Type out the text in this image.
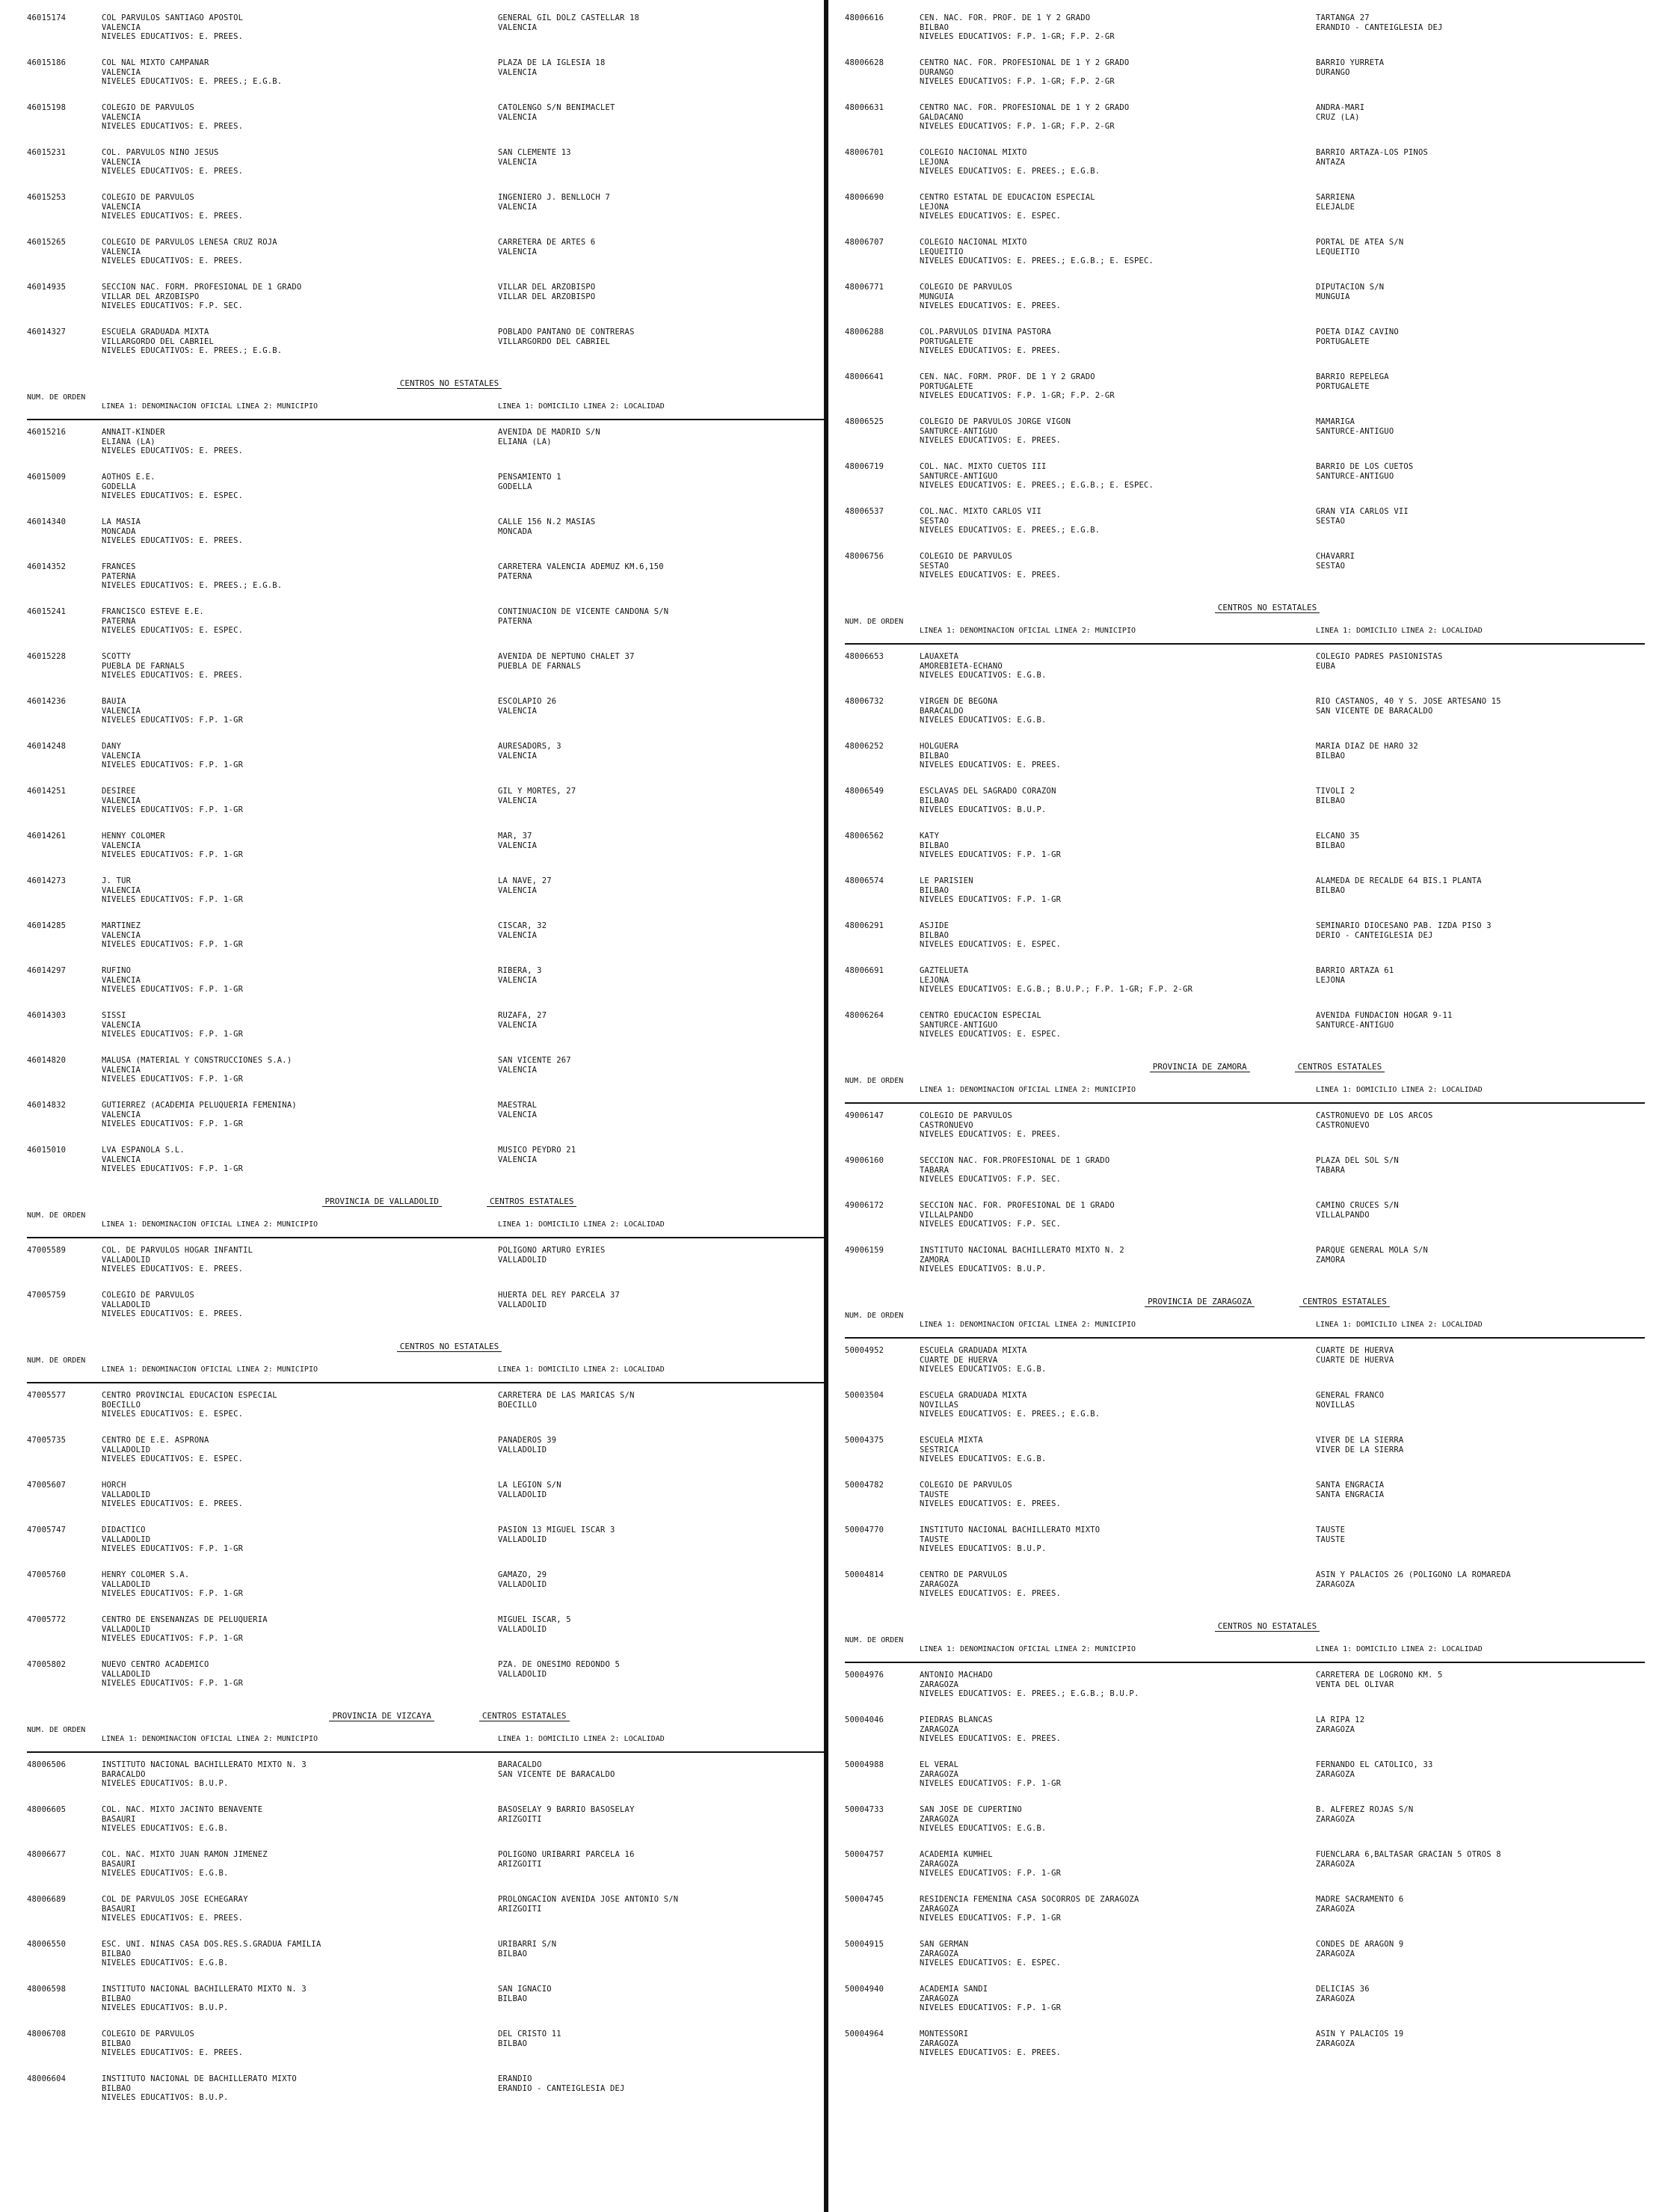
46015174	COL PARVULOS SANTIAGO APOSTOL
VALENCIA
NIVELES EDUCATIVOS: E. PREES.
GENERAL GIL DOLZ CASTELLAR 18
VALENCIA
46015186	COL NAL MIXTO CAMPANAR
VALENCIA
NIVELES EDUCATIVOS: E. PREES.; E.G.B.
PLAZA DE LA IGLESIA 18
VALENCIA
46015198	COLEGIO DE PARVULOS
VALENCIA
NIVELES EDUCATIVOS: E. PREES.
CATOLENGO S/N BENIMACLET
VALENCIA
46015231	COL. PARVULOS NINO JESUS
VALENCIA
NIVELES EDUCATIVOS: E. PREES.
SAN CLEMENTE 13
VALENCIA
46015253	COLEGIO DE PARVULOS
VALENCIA
NIVELES EDUCATIVOS: E. PREES.
INGENIERO J. BENLLOCH 7
VALENCIA
46015265	COLEGIO DE PARVULOS LENESA CRUZ ROJA
VALENCIA
NIVELES EDUCATIVOS: E. PREES.
CARRETERA DE ARTES 6
VALENCIA
46014935	SECCION NAC. FORM. PROFESIONAL DE 1 GRADO
VILLAR DEL ARZOBISPO
NIVELES EDUCATIVOS: F.P. SEC.
VILLAR DEL ARZOBISPO
VILLAR DEL ARZOBISPO
46014327	ESCUELA GRADUADA MIXTA
VILLARGORDO DEL CABRIEL
NIVELES EDUCATIVOS: E. PREES.; E.G.B.
POBLADO PANTANO DE CONTRERAS
VILLARGORDO DEL CABRIEL
CENTROS NO ESTATALES
NUM. DE ORDEN
LINEA 1: DENOMINACION OFICIAL LINEA 2: MUNICIPIO	LINEA 1: DOMICILIO LINEA 2: LOCALIDAD
46015216	ANNAIT-KINDER
ELIANA (LA)
NIVELES EDUCATIVOS: E. PREES.
AVENIDA DE MADRID S/N
ELIANA (LA)
46015009	AOTHOS E.E.
GODELLA
NIVELES EDUCATIVOS: E. ESPEC.
PENSAMIENTO 1
GODELLA
46014340	LA MASIA
MONCADA
NIVELES EDUCATIVOS: E. PREES.
CALLE 156 N.2 MASIAS
MONCADA
46014352	FRANCES
PATERNA
NIVELES EDUCATIVOS: E. PREES.; E.G.B.
CARRETERA VALENCIA ADEMUZ KM.6,150
PATERNA
46015241	FRANCISCO ESTEVE E.E.
PATERNA
NIVELES EDUCATIVOS: E. ESPEC.
CONTINUACION DE VICENTE CANDONA S/N
PATERNA
46015228	SCOTTY
PUEBLA DE FARNALS
NIVELES EDUCATIVOS: E. PREES.
AVENIDA DE NEPTUNO CHALET 37
PUEBLA DE FARNALS
46014236	BAUIA
VALENCIA
NIVELES EDUCATIVOS: F.P. 1-GR
ESCOLAPIO 26
VALENCIA
46014248	DANY
VALENCIA
NIVELES EDUCATIVOS: F.P. 1-GR
AURESADORS, 3
VALENCIA
46014251	DESIREE
VALENCIA
NIVELES EDUCATIVOS: F.P. 1-GR
GIL Y MORTES, 27
VALENCIA
46014261	HENNY COLOMER
VALENCIA
NIVELES EDUCATIVOS: F.P. 1-GR
MAR, 37
VALENCIA
46014273	J. TUR
VALENCIA
NIVELES EDUCATIVOS: F.P. 1-GR
LA NAVE, 27
VALENCIA
46014285	MARTINEZ
VALENCIA
NIVELES EDUCATIVOS: F.P. 1-GR
CISCAR, 32
VALENCIA
46014297	RUFINO
VALENCIA
NIVELES EDUCATIVOS: F.P. 1-GR
RIBERA, 3
VALENCIA
46014303	SISSI
VALENCIA
NIVELES EDUCATIVOS: F.P. 1-GR
RUZAFA, 27
VALENCIA
46014820	MALUSA (MATERIAL Y CONSTRUCCIONES S.A.)
VALENCIA
NIVELES EDUCATIVOS: F.P. 1-GR
SAN VICENTE 267
VALENCIA
46014832	GUTIERREZ (ACADEMIA PELUQUERIA FEMENINA)
VALENCIA
NIVELES EDUCATIVOS: F.P. 1-GR
MAESTRAL
VALENCIA
46015010	LVA ESPANOLA S.L.
VALENCIA
NIVELES EDUCATIVOS: F.P. 1-GR
MUSICO PEYDRO 21
VALENCIA
PROVINCIA DE VALLADOLID	CENTROS ESTATALES
NUM. DE ORDEN
LINEA 1: DENOMINACION OFICIAL LINEA 2: MUNICIPIO	LINEA 1: DOMICILIO LINEA 2: LOCALIDAD
47005589	COL. DE PARVULOS HOGAR INFANTIL
VALLADOLID
NIVELES EDUCATIVOS: E. PREES.
POLIGONO ARTURO EYRIES
VALLADOLID
47005759	COLEGIO DE PARVULOS
VALLADOLID
NIVELES EDUCATIVOS: E. PREES.
HUERTA DEL REY PARCELA 37
VALLADOLID
CENTROS NO ESTATALES
NUM. DE ORDEN
LINEA 1: DENOMINACION OFICIAL LINEA 2: MUNICIPIO	LINEA 1: DOMICILIO LINEA 2: LOCALIDAD
47005577	CENTRO PROVINCIAL EDUCACION ESPECIAL
BOECILLO
NIVELES EDUCATIVOS: E. ESPEC.
CARRETERA DE LAS MARICAS S/N
BOECILLO
47005735	CENTRO DE E.E. ASPRONA
VALLADOLID
NIVELES EDUCATIVOS: E. ESPEC.
PANADEROS 39
VALLADOLID
47005607	HORCH
VALLADOLID
NIVELES EDUCATIVOS: E. PREES.
LA LEGION S/N
VALLADOLID
47005747	DIDACTICO
VALLADOLID
NIVELES EDUCATIVOS: F.P. 1-GR
PASION 13 MIGUEL ISCAR 3
VALLADOLID
47005760	HENRY COLOMER S.A.
VALLADOLID
NIVELES EDUCATIVOS: F.P. 1-GR
GAMAZO, 29
VALLADOLID
47005772	CENTRO DE ENSENANZAS DE PELUQUERIA
VALLADOLID
NIVELES EDUCATIVOS: F.P. 1-GR
MIGUEL ISCAR, 5
VALLADOLID
47005802	NUEVO CENTRO ACADEMICO
VALLADOLID
NIVELES EDUCATIVOS: F.P. 1-GR
PZA. DE ONESIMO REDONDO 5
VALLADOLID
PROVINCIA DE VIZCAYA	CENTROS ESTATALES
NUM. DE ORDEN
LINEA 1: DENOMINACION OFICIAL LINEA 2: MUNICIPIO	LINEA 1: DOMICILIO LINEA 2: LOCALIDAD
48006506	INSTITUTO NACIONAL BACHILLERATO MIXTO N. 3
BARACALDO
NIVELES EDUCATIVOS: B.U.P.
BARACALDO
SAN VICENTE DE BARACALDO
48006605	COL. NAC. MIXTO JACINTO BENAVENTE
BASAURI
NIVELES EDUCATIVOS: E.G.B.
BASOSELAY 9 BARRIO BASOSELAY
ARIZGOITI
48006677	COL. NAC. MIXTO JUAN RAMON JIMENEZ
BASAURI
NIVELES EDUCATIVOS: E.G.B.
POLIGONO URIBARRI PARCELA 16
ARIZGOITI
48006689	COL DE PARVULOS JOSE ECHEGARAY
BASAURI
NIVELES EDUCATIVOS: E. PREES.
PROLONGACION AVENIDA JOSE ANTONIO S/N
ARIZGOITI
48006550	ESC. UNI. NINAS CASA DOS.RES.S.GRADUA FAMILIA
BILBAO
NIVELES EDUCATIVOS: E.G.B.
URIBARRI S/N
BILBAO
48006598	INSTITUTO NACIONAL BACHILLERATO MIXTO N. 3
BILBAO
NIVELES EDUCATIVOS: B.U.P.
SAN IGNACIO
BILBAO
48006708	COLEGIO DE PARVULOS
BILBAO
NIVELES EDUCATIVOS: E. PREES.
DEL CRISTO 11
BILBAO
48006604	INSTITUTO NACIONAL DE BACHILLERATO MIXTO
BILBAO
NIVELES EDUCATIVOS: B.U.P.
ERANDIO
ERANDIO - CANTEIGLESIA DEJ
48006616	CEN. NAC. FOR. PROF. DE 1 Y 2 GRADO
BILBAO
NIVELES EDUCATIVOS: F.P. 1-GR; F.P. 2-GR
TARTANGA 27
ERANDIO - CANTEIGLESIA DEJ
48006628	CENTRO NAC. FOR. PROFESIONAL DE 1 Y 2 GRADO
DURANGO
NIVELES EDUCATIVOS: F.P. 1-GR; F.P. 2-GR
BARRIO YURRETA
DURANGO
48006631	CENTRO NAC. FOR. PROFESIONAL DE 1 Y 2 GRADO
GALDACANO
NIVELES EDUCATIVOS: F.P. 1-GR; F.P. 2-GR
ANDRA-MARI
CRUZ (LA)
48006701	COLEGIO NACIONAL MIXTO
LEJONA
NIVELES EDUCATIVOS: E. PREES.; E.G.B.
BARRIO ARTAZA-LOS PINOS
ANTAZA
48006690	CENTRO ESTATAL DE EDUCACION ESPECIAL
LEJONA
NIVELES EDUCATIVOS: E. ESPEC.
SARRIENA
ELEJALDE
48006707	COLEGIO NACIONAL MIXTO
LEQUEITIO
NIVELES EDUCATIVOS: E. PREES.; E.G.B.; E. ESPEC.
PORTAL DE ATEA S/N
LEQUEITIO
48006771	COLEGIO DE PARVULOS
MUNGUIA
NIVELES EDUCATIVOS: E. PREES.
DIPUTACION S/N
MUNGUIA
48006288	COL.PARVULOS DIVINA PASTORA
PORTUGALETE
NIVELES EDUCATIVOS: E. PREES.
POETA DIAZ CAVINO
PORTUGALETE
48006641	CEN. NAC. FORM. PROF. DE 1 Y 2 GRADO
PORTUGALETE
NIVELES EDUCATIVOS: F.P. 1-GR; F.P. 2-GR
BARRIO REPELEGA
PORTUGALETE
48006525	COLEGIO DE PARVULOS JORGE VIGON
SANTURCE-ANTIGUO
NIVELES EDUCATIVOS: E. PREES.
MAMARIGA
SANTURCE-ANTIGUO
48006719	COL. NAC. MIXTO CUETOS III
SANTURCE-ANTIGUO
NIVELES EDUCATIVOS: E. PREES.; E.G.B.; E. ESPEC.
BARRIO DE LOS CUETOS
SANTURCE-ANTIGUO
48006537	COL.NAC. MIXTO CARLOS VII
SESTAO
NIVELES EDUCATIVOS: E. PREES.; E.G.B.
GRAN VIA CARLOS VII
SESTAO
48006756	COLEGIO DE PARVULOS
SESTAO
NIVELES EDUCATIVOS: E. PREES.
CHAVARRI
SESTAO
CENTROS NO ESTATALES
NUM. DE ORDEN
LINEA 1: DENOMINACION OFICIAL LINEA 2: MUNICIPIO	LINEA 1: DOMICILIO LINEA 2: LOCALIDAD
48006653	LAUAXETA
AMOREBIETA-ECHANO
NIVELES EDUCATIVOS: E.G.B.
COLEGIO PADRES PASIONISTAS
EUBA
48006732	VIRGEN DE BEGONA
BARACALDO
NIVELES EDUCATIVOS: E.G.B.
RIO CASTANOS, 40 Y S. JOSE ARTESANO 15
SAN VICENTE DE BARACALDO
48006252	HOLGUERA
BILBAO
NIVELES EDUCATIVOS: E. PREES.
MARIA DIAZ DE HARO 32
BILBAO
48006549	ESCLAVAS DEL SAGRADO CORAZON
BILBAO
NIVELES EDUCATIVOS: B.U.P.
TIVOLI 2
BILBAO
48006562	KATY
BILBAO
NIVELES EDUCATIVOS: F.P. 1-GR
ELCANO 35
BILBAO
48006574	LE PARISIEN
BILBAO
NIVELES EDUCATIVOS: F.P. 1-GR
ALAMEDA DE RECALDE 64 BIS.1 PLANTA
BILBAO
48006291	ASJIDE
BILBAO
NIVELES EDUCATIVOS: E. ESPEC.
SEMINARIO DIOCESANO PAB. IZDA PISO 3
DERIO - CANTEIGLESIA DEJ
48006691	GAZTELUETA
LEJONA
NIVELES EDUCATIVOS: E.G.B.; B.U.P.; F.P. 1-GR; F.P. 2-GR
BARRIO ARTAZA 61
LEJONA
48006264	CENTRO EDUCACION ESPECIAL
SANTURCE-ANTIGUO
NIVELES EDUCATIVOS: E. ESPEC.
AVENIDA FUNDACION HOGAR 9-11
SANTURCE-ANTIGUO
PROVINCIA DE ZAMORA	CENTROS ESTATALES
NUM. DE ORDEN
LINEA 1: DENOMINACION OFICIAL LINEA 2: MUNICIPIO	LINEA 1: DOMICILIO LINEA 2: LOCALIDAD
49006147	COLEGIO DE PARVULOS
CASTRONUEVO
NIVELES EDUCATIVOS: E. PREES.
CASTRONUEVO DE LOS ARCOS
CASTRONUEVO
49006160	SECCION NAC. FOR.PROFESIONAL DE 1 GRADO
TABARA
NIVELES EDUCATIVOS: F.P. SEC.
PLAZA DEL SOL S/N
TABARA
49006172	SECCION NAC. FOR. PROFESIONAL DE 1 GRADO
VILLALPANDO
NIVELES EDUCATIVOS: F.P. SEC.
CAMINO CRUCES S/N
VILLALPANDO
49006159	INSTITUTO NACIONAL BACHILLERATO MIXTO N. 2
ZAMORA
NIVELES EDUCATIVOS: B.U.P.
PARQUE GENERAL MOLA S/N
ZAMORA
PROVINCIA DE ZARAGOZA	CENTROS ESTATALES
NUM. DE ORDEN
LINEA 1: DENOMINACION OFICIAL LINEA 2: MUNICIPIO	LINEA 1: DOMICILIO LINEA 2: LOCALIDAD
50004952	ESCUELA GRADUADA MIXTA
CUARTE DE HUERVA
NIVELES EDUCATIVOS: E.G.B.
CUARTE DE HUERVA
CUARTE DE HUERVA
50003504	ESCUELA GRADUADA MIXTA
NOVILLAS
NIVELES EDUCATIVOS: E. PREES.; E.G.B.
GENERAL FRANCO
NOVILLAS
50004375	ESCUELA MIXTA
SESTRICA
NIVELES EDUCATIVOS: E.G.B.
VIVER DE LA SIERRA
VIVER DE LA SIERRA
50004782	COLEGIO DE PARVULOS
TAUSTE
NIVELES EDUCATIVOS: E. PREES.
SANTA ENGRACIA
SANTA ENGRACIA
50004770	INSTITUTO NACIONAL BACHILLERATO MIXTO
TAUSTE
NIVELES EDUCATIVOS: B.U.P.
TAUSTE
TAUSTE
50004814	CENTRO DE PARVULOS
ZARAGOZA
NIVELES EDUCATIVOS: E. PREES.
ASIN Y PALACIOS 26 (POLIGONO LA ROMAREDA
ZARAGOZA
CENTROS NO ESTATALES
NUM. DE ORDEN
LINEA 1: DENOMINACION OFICIAL LINEA 2: MUNICIPIO	LINEA 1: DOMICILIO LINEA 2: LOCALIDAD
50004976	ANTONIO MACHADO
ZARAGOZA
NIVELES EDUCATIVOS: E. PREES.; E.G.B.; B.U.P.
CARRETERA DE LOGRONO KM. 5
VENTA DEL OLIVAR
50004046	PIEDRAS BLANCAS
ZARAGOZA
NIVELES EDUCATIVOS: E. PREES.
LA RIPA 12
ZARAGOZA
50004988	EL VERAL
ZARAGOZA
NIVELES EDUCATIVOS: F.P. 1-GR
FERNANDO EL CATOLICO, 33
ZARAGOZA
50004733	SAN JOSE DE CUPERTINO
ZARAGOZA
NIVELES EDUCATIVOS: E.G.B.
B. ALFEREZ ROJAS S/N
ZARAGOZA
50004757	ACADEMIA KUMHEL
ZARAGOZA
NIVELES EDUCATIVOS: F.P. 1-GR
FUENCLARA 6,BALTASAR GRACIAN 5 OTROS 8
ZARAGOZA
50004745	RESIDENCIA FEMENINA CASA SOCORROS DE ZARAGOZA
ZARAGOZA
NIVELES EDUCATIVOS: F.P. 1-GR
MADRE SACRAMENTO 6
ZARAGOZA
50004915	SAN GERMAN
ZARAGOZA
NIVELES EDUCATIVOS: E. ESPEC.
CONDES DE ARAGON 9
ZARAGOZA
50004940	ACADEMIA SANDI
ZARAGOZA
NIVELES EDUCATIVOS: F.P. 1-GR
DELICIAS 36
ZARAGOZA
50004964	MONTESSORI
ZARAGOZA
NIVELES EDUCATIVOS: E. PREES.
ASIN Y PALACIOS 19
ZARAGOZA
